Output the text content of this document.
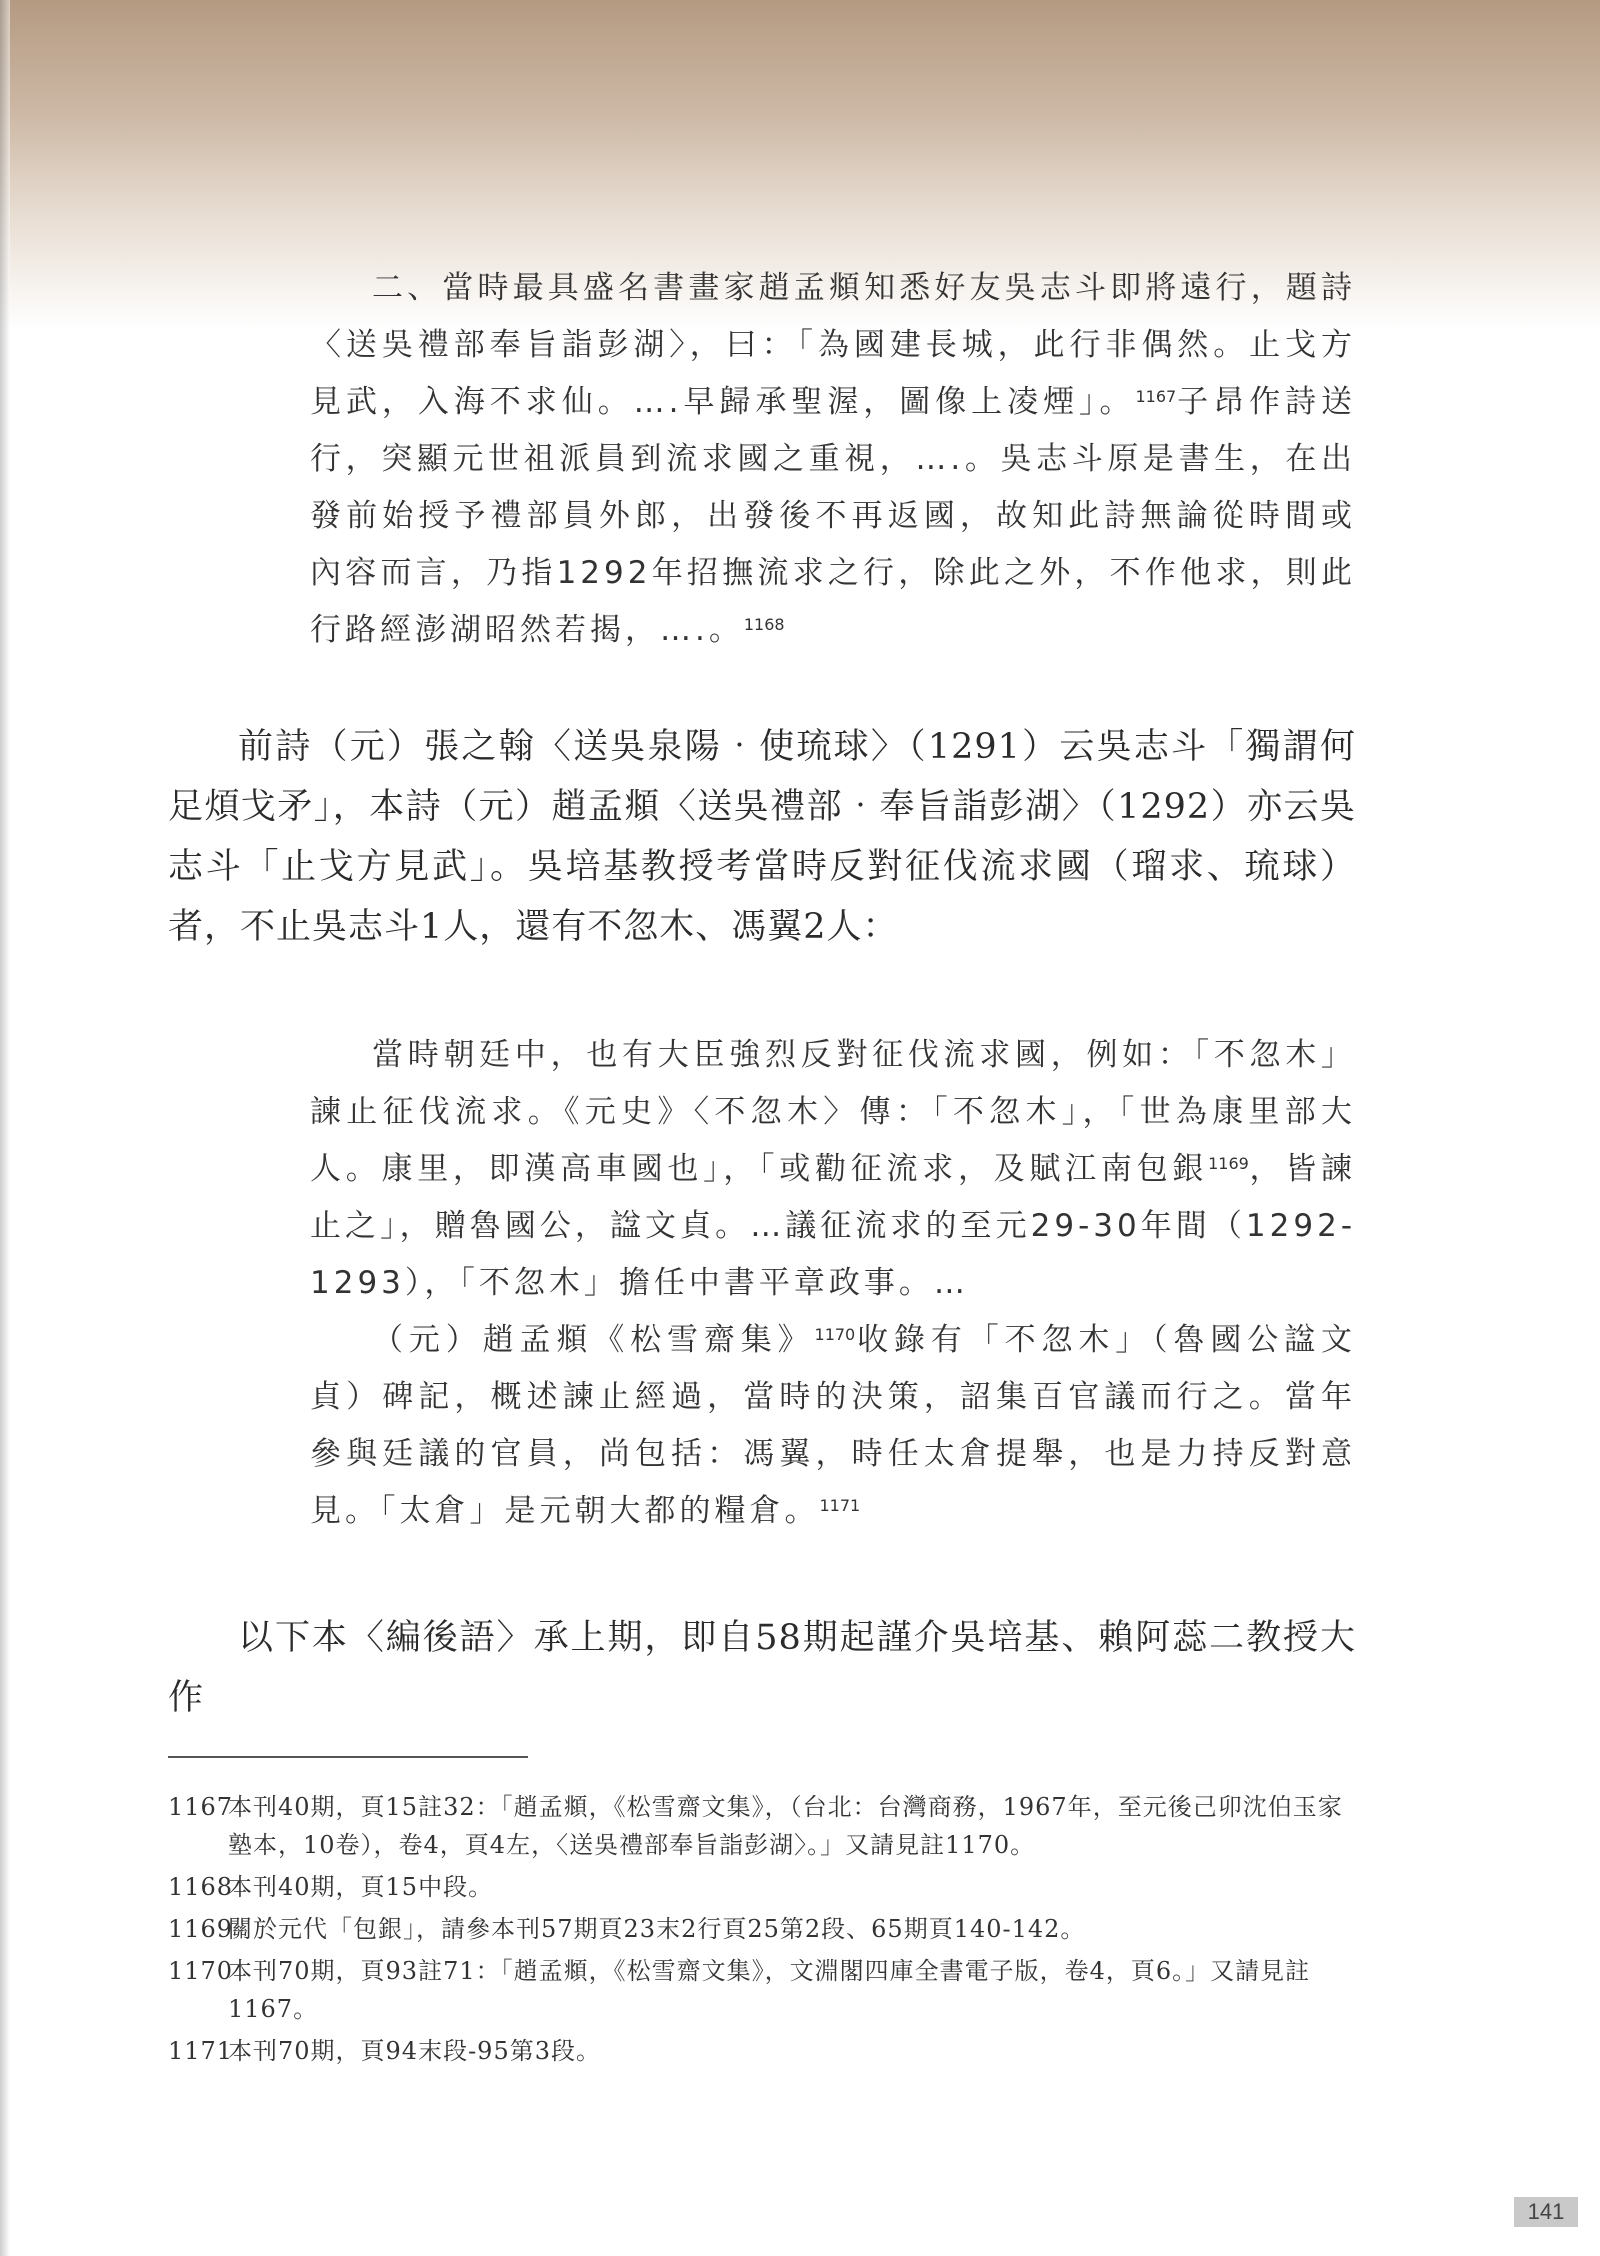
二、當時最具盛名書畫家趙孟頫知悉好友吳志斗即將遠行，題詩〈送吳禮部奉旨詣彭湖〉，曰：「為國建長城，此行非偶然。止戈方見武，入海不求仙。….早歸承聖渥，圖像上凌煙」。$^{1167}$子昂作詩送行，突顯元世祖派員到流求國之重視，….。吳志斗原是書生，在出發前始授予禮部員外郎，出發後不再返國，故知此詩無論從時間或內容而言，乃指1292年招撫流求之行，除此之外，不作他求，則此行路經澎湖昭然若揭，….。$^{1168}$

前詩（元）張之翰〈送吳泉陽‧使琉球〉（1291）云吳志斗「獨謂何足煩戈矛」，本詩（元）趙孟頫〈送吳禮部‧奉旨詣彭湖〉（1292）亦云吳志斗「止戈方見武」。吳培基教授考當時反對征伐流求國（瑠求、琉球）者，不止吳志斗1人，還有不忽木、馮翼2人：

當時朝廷中，也有大臣強烈反對征伐流求國，例如：「不忽木」諫止征伐流求。《元史》〈不忽木〉傳：「不忽木」，「世為康里部大人。康里，即漢高車國也」，「或勸征流求，及賦江南包銀$^{1169}$，皆諫止之」，贈魯國公，諡文貞。…議征流求的至元29-30年間（1292-1293），「不忽木」擔任中書平章政事。…

（元）趙孟頫《松雪齋集》$^{1170}$收錄有「不忽木」（魯國公諡文貞）碑記，概述諫止經過，當時的決策，詔集百官議而行之。當年參與廷議的官員，尚包括：馮翼，時任太倉提舉，也是力持反對意見。「太倉」是元朝大都的糧倉。$^{1171}$

以下本〈編後語〉承上期，即自58期起謹介吳培基、賴阿蕊二教授大作

1167
本刊40期，頁15註32：「趙孟頫，《松雪齋文集》，（台北：台灣商務，1967年，至元後己卯沈伯玉家塾本，10卷），卷4，頁4左，〈送吳禮部奉旨詣彭湖〉。」又請見註1170。
1168
本刊40期，頁15中段。
1169
關於元代「包銀」，請參本刊57期頁23末2行頁25第2段、65期頁140-142。
1170
本刊70期，頁93註71：「趙孟頫，《松雪齋文集》，文淵閣四庫全書電子版，卷4，頁6。」又請見註1167。
1171
本刊70期，頁94末段-95第3段。
141
